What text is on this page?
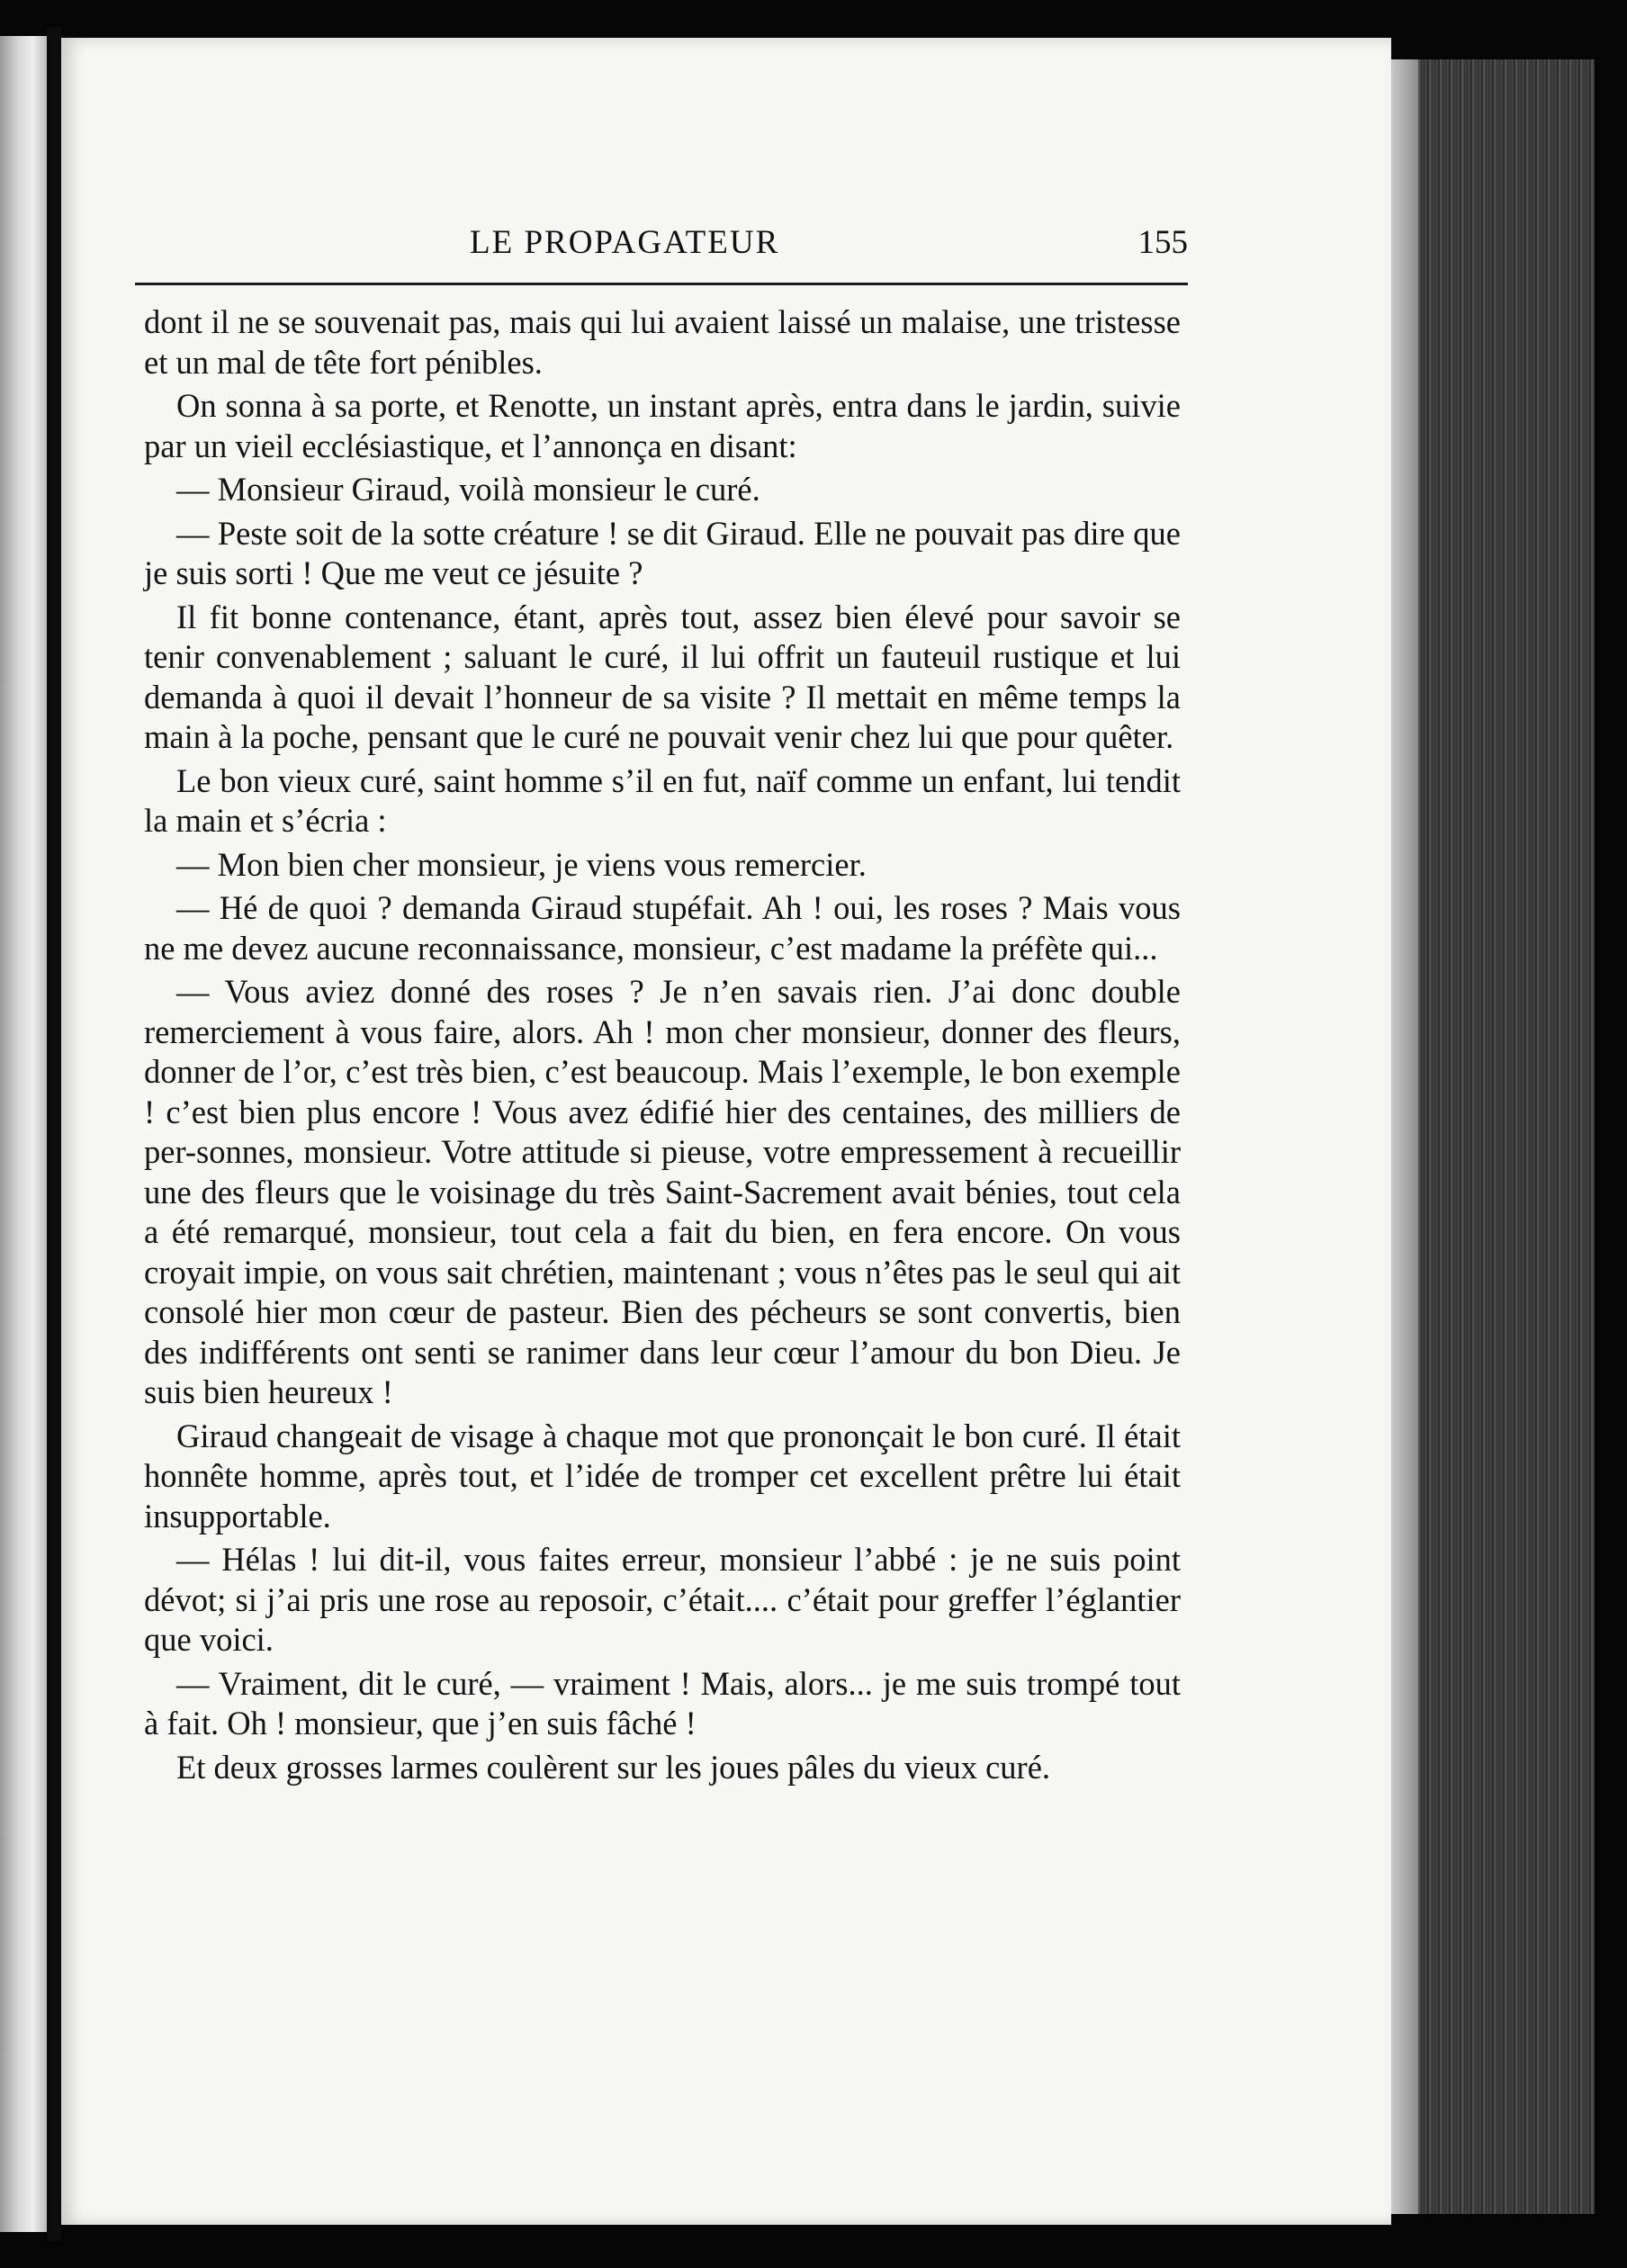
LE PROPAGATEUR	155

dont il ne se souvenait pas, mais qui lui avaient laissé un malaise, une tristesse et un mal de tête fort pénibles.

On sonna à sa porte, et Renotte, un instant après, entra dans le jardin, suivie par un vieil ecclésiastique, et l’annonça en disant:

— Monsieur Giraud, voilà monsieur le curé.

— Peste soit de la sotte créature ! se dit Giraud. Elle ne pouvait pas dire que je suis sorti ! Que me veut ce jésuite ?

Il fit bonne contenance, étant, après tout, assez bien élevé pour savoir se tenir convenablement ; saluant le curé, il lui offrit un fauteuil rustique et lui demanda à quoi il devait l’honneur de sa visite ? Il mettait en même temps la main à la poche, pensant que le curé ne pouvait venir chez lui que pour quêter.

Le bon vieux curé, saint homme s’il en fut, naïf comme un enfant, lui tendit la main et s’écria :

— Mon bien cher monsieur, je viens vous remercier.

— Hé de quoi ? demanda Giraud stupéfait. Ah ! oui, les roses ? Mais vous ne me devez aucune reconnaissance, monsieur, c’est madame la préfète qui...

— Vous aviez donné des roses ? Je n’en savais rien. J’ai donc double remerciement à vous faire, alors. Ah ! mon cher monsieur, donner des fleurs, donner de l’or, c’est très bien, c’est beaucoup. Mais l’exemple, le bon exemple ! c’est bien plus encore ! Vous avez édifié hier des centaines, des milliers de per-sonnes, monsieur. Votre attitude si pieuse, votre empressement à recueillir une des fleurs que le voisinage du très Saint-Sacrement avait bénies, tout cela a été remarqué, monsieur, tout cela a fait du bien, en fera encore. On vous croyait impie, on vous sait chrétien, maintenant ; vous n’êtes pas le seul qui ait consolé hier mon cœur de pasteur. Bien des pécheurs se sont convertis, bien des indifférents ont senti se ranimer dans leur cœur l’amour du bon Dieu. Je suis bien heureux !

Giraud changeait de visage à chaque mot que prononçait le bon curé. Il était honnête homme, après tout, et l’idée de tromper cet excellent prêtre lui était insupportable.

— Hélas ! lui dit-il, vous faites erreur, monsieur l’abbé : je ne suis point dévot; si j’ai pris une rose au reposoir, c’était.... c’était pour greffer l’églantier que voici.

— Vraiment, dit le curé, — vraiment ! Mais, alors... je me suis trompé tout à fait. Oh ! monsieur, que j’en suis fâché !

Et deux grosses larmes coulèrent sur les joues pâles du vieux curé.
